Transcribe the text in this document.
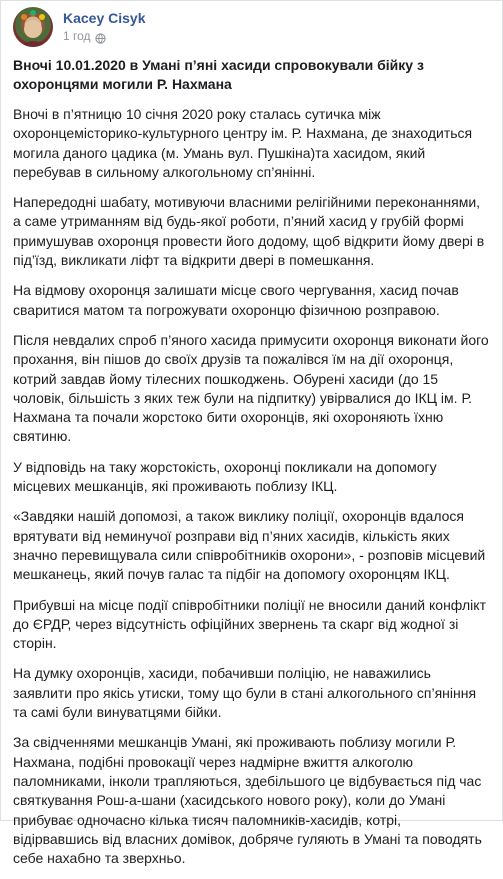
Kacey Cisyk
1 год

Вночі 10.01.2020 в Умані п’яні хасиди спровокували бійку з
охоронцями могили Р. Нахмана

Вночі в п’ятницю 10 січня 2020 року сталась сутичка між
охоронцемісторико-культурного центру ім. Р. Нахмана, де знаходиться
могила даного цадика (м. Умань вул. Пушкіна)та хасидом, який
перебував в сильному алкогольному сп’янінні.

Напередодні шабату, мотивуючи власними релігійними переконаннями,
а саме утриманням від будь-якої роботи, п’яний хасид у грубій формі
примушував охоронця провести його додому, щоб відкрити йому двері в
під’їзд, викликати ліфт та відкрити двері в помешкання.

На відмову охоронця залишати місце свого чергування, хасид почав
сваритися матом та погрожувати охоронцю фізичною розправою.

Після невдалих спроб п’яного хасида примусити охоронця виконати його
прохання, він пішов до своїх друзів та пожалівся їм на дії охоронця,
котрий завдав йому тілесних пошкоджень. Обурені хасиди (до 15
чоловік, більшість з яких теж були на підпитку) увірвалися до ІКЦ ім. Р.
Нахмана та почали жорстоко бити охоронців, які охороняють їхню
святиню.

У відповідь на таку жорстокість, охоронці покликали на допомогу
місцевих мешканців, які проживають поблизу ІКЦ.

«Завдяки нашій допомозі, а також виклику поліції, охоронців вдалося
врятувати від неминучої розправи від п’яних хасидів, кількість яких
значно перевищувала сили співробітників охорони», - розповів місцевий
мешканець, який почув галас та підбіг на допомогу охоронцям ІКЦ.

Прибувші на місце події співробітники поліції не вносили даний конфлікт
до ЄРДР, через відсутність офіційних звернень та скарг від жодної зі
сторін.

На думку охоронців, хасиди, побачивши поліцію, не наважились
заявлити про якісь утиски, тому що були в стані алкогольного сп’яніння
та самі були винуватцями бійки.

За свідченнями мешканців Умані, які проживають поблизу могили Р.
Нахмана, подібні провокації через надмірне вжиття алкоголю
паломниками, інколи трапляються, здебільшого це відбувається під час
святкування Рош-а-шани (хасидського нового року), коли до Умані
прибуває одночасно кілька тисяч паломників-хасидів, котрі,
відірвавшись від власних домівок, добряче гуляють в Умані та поводять
себе нахабно та зверхньо.
